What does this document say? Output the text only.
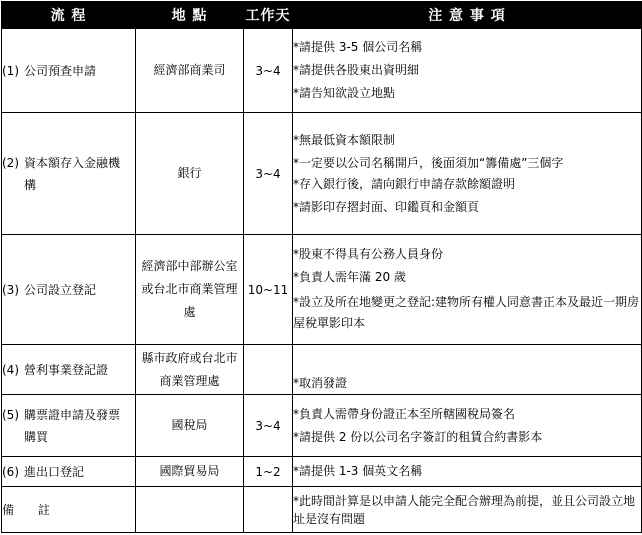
流 程	地 點	工作天	注 意 事 項
(1) 公司預查申請	經濟部商業司	3~4	*請提供 3-5 個公司名稱
*請提供各股東出資明細
*請告知欲設立地點

(2) 資本額存入金融機構	銀行	3~4	*無最低資本額限制
*一定要以公司名稱開戶，後面須加“籌備處”三個字
*存入銀行後，請向銀行申請存款餘額證明
*請影印存摺封面、印鑑頁和金額頁

(3) 公司設立登記	經濟部中部辦公室或台北市商業管理處	10~11	*股東不得具有公務人員身份
*負責人需年滿 20 歲
*設立及所在地變更之登記:建物所有權人同意書正本及最近一期房屋稅單影印本

(4) 營利事業登記證	縣市政府或台北市商業管理處		*取消發證

(5) 購票證申請及發票購買	國稅局	3~4	*負責人需帶身份證正本至所轄國稅局簽名
*請提供 2 份以公司名字簽訂的租賃合約書影本

(6) 進出口登記	國際貿易局	1~2	*請提供 1-3 個英文名稱

備 註			*此時間計算是以申請人能完全配合辦理為前提，並且公司設立地址是沒有問題
